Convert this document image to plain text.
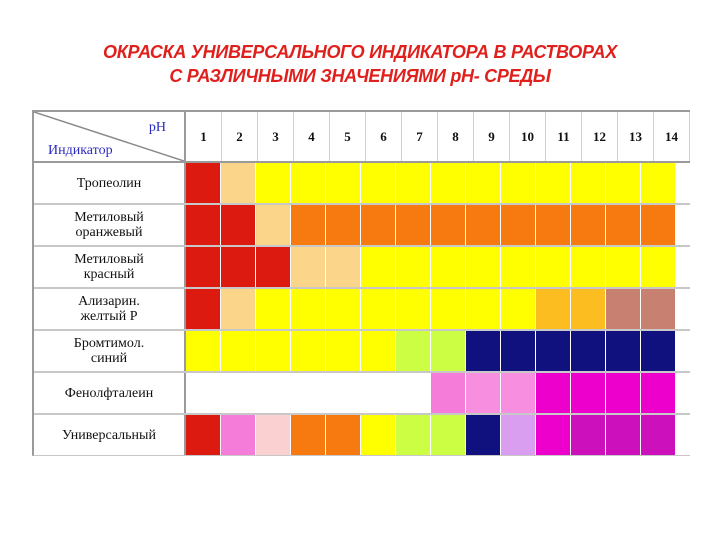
ОКРАСКА УНИВЕРСАЛЬНОГО ИНДИКАТОРА В РАСТВОРАХ
С РАЗЛИЧНЫМИ ЗНАЧЕНИЯМИ рН- СРЕДЫ
рН
Индикатор
1	2	3	4	5	6	7	8	9	10	11	12	13	14
Тропеолин
Метиловый
оранжевый
Метиловый
красный
Ализарин.
желтый Р
Бромтимол.
синий
Фенолфталеин
Универсальный
